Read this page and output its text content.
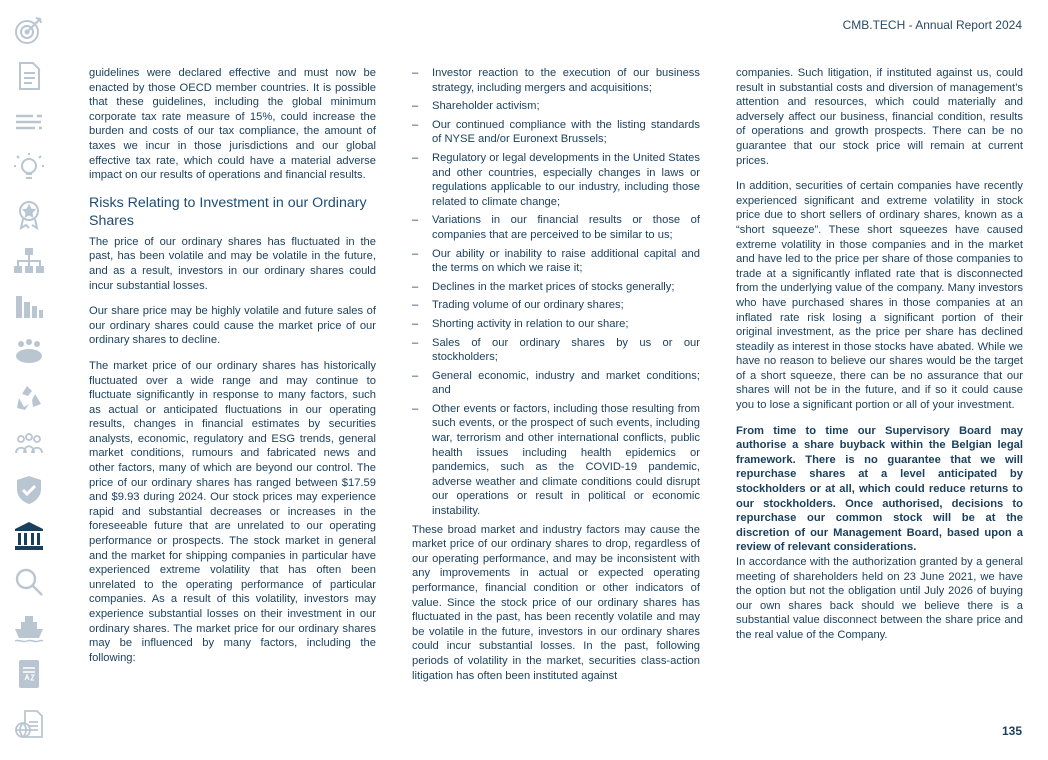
CMB.TECH - Annual Report 2024

guidelines were declared effective and must now be enacted by those OECD member countries. It is possible that these guidelines, including the global minimum corporate tax rate measure of 15%, could increase the burden and costs of our tax compliance, the amount of taxes we incur in those jurisdictions and our global effective tax rate, which could have a material adverse impact on our results of operations and financial results.

Risks Relating to Investment in our Ordinary Shares

The price of our ordinary shares has fluctuated in the past, has been volatile and may be volatile in the future, and as a result, investors in our ordinary shares could incur substantial losses.

Our share price may be highly volatile and future sales of our ordinary shares could cause the market price of our ordinary shares to decline.

The market price of our ordinary shares has historically fluctuated over a wide range and may continue to fluctuate significantly in response to many factors, such as actual or anticipated fluctuations in our operating results, changes in financial estimates by securities analysts, economic, regulatory and ESG trends, general market conditions, rumours and fabricated news and other factors, many of which are beyond our control. The price of our ordinary shares has ranged between $17.59 and $9.93 during 2024. Our stock prices may experience rapid and substantial decreases or increases in the foreseeable future that are unrelated to our operating performance or prospects. The stock market in general and the market for shipping companies in particular have experienced extreme volatility that has often been unrelated to the operating performance of particular companies. As a result of this volatility, investors may experience substantial losses on their investment in our ordinary shares. The market price for our ordinary shares may be influenced by many factors, including the following:

– Investor reaction to the execution of our business strategy, including mergers and acquisitions;
– Shareholder activism;
– Our continued compliance with the listing standards of NYSE and/or Euronext Brussels;
– Regulatory or legal developments in the United States and other countries, especially changes in laws or regulations applicable to our industry, including those related to climate change;
– Variations in our financial results or those of companies that are perceived to be similar to us;
– Our ability or inability to raise additional capital and the terms on which we raise it;
– Declines in the market prices of stocks generally;
– Trading volume of our ordinary shares;
– Shorting activity in relation to our share;
– Sales of our ordinary shares by us or our stockholders;
– General economic, industry and market conditions; and
– Other events or factors, including those resulting from such events, or the prospect of such events, including war, terrorism and other international conflicts, public health issues including health epidemics or pandemics, such as the COVID-19 pandemic, adverse weather and climate conditions could disrupt our operations or result in political or economic instability.

These broad market and industry factors may cause the market price of our ordinary shares to drop, regardless of our operating performance, and may be inconsistent with any improvements in actual or expected operating performance, financial condition or other indicators of value. Since the stock price of our ordinary shares has fluctuated in the past, has been recently volatile and may be volatile in the future, investors in our ordinary shares could incur substantial losses. In the past, following periods of volatility in the market, securities class-action litigation has often been instituted against

companies. Such litigation, if instituted against us, could result in substantial costs and diversion of management’s attention and resources, which could materially and adversely affect our business, financial condition, results of operations and growth prospects. There can be no guarantee that our stock price will remain at current prices.

In addition, securities of certain companies have recently experienced significant and extreme volatility in stock price due to short sellers of ordinary shares, known as a “short squeeze”. These short squeezes have caused extreme volatility in those companies and in the market and have led to the price per share of those companies to trade at a significantly inflated rate that is disconnected from the underlying value of the company. Many investors who have purchased shares in those companies at an inflated rate risk losing a significant portion of their original investment, as the price per share has declined steadily as interest in those stocks have abated. While we have no reason to believe our shares would be the target of a short squeeze, there can be no assurance that our shares will not be in the future, and if so it could cause you to lose a significant portion or all of your investment.

From time to time our Supervisory Board may authorise a share buyback within the Belgian legal framework. There is no guarantee that we will repurchase shares at a level anticipated by stockholders or at all, which could reduce returns to our stockholders. Once authorised, decisions to repurchase our common stock will be at the discretion of our Management Board, based upon a review of relevant considerations.

In accordance with the authorization granted by a general meeting of shareholders held on 23 June 2021, we have the option but not the obligation until July 2026 of buying our own shares back should we believe there is a substantial value disconnect between the share price and the real value of the Company.

135
